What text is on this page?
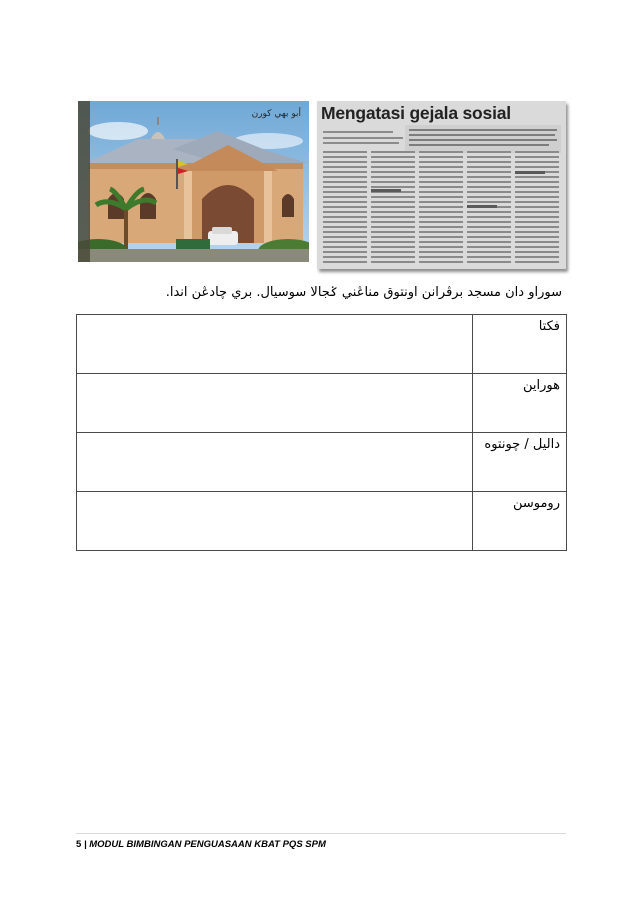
أبو بهي كورن Mengatasi gejala sosial
سوراو دان مسجد برڤرانن اونتوق مناڠني ݢجالا سوسيال. بري چادڠن اندا.

	فکتا

	هوراين

	داليل / چونتوه

	روموسن
5 | MODUL BIMBINGAN PENGUASAAN KBAT PQS SPM
